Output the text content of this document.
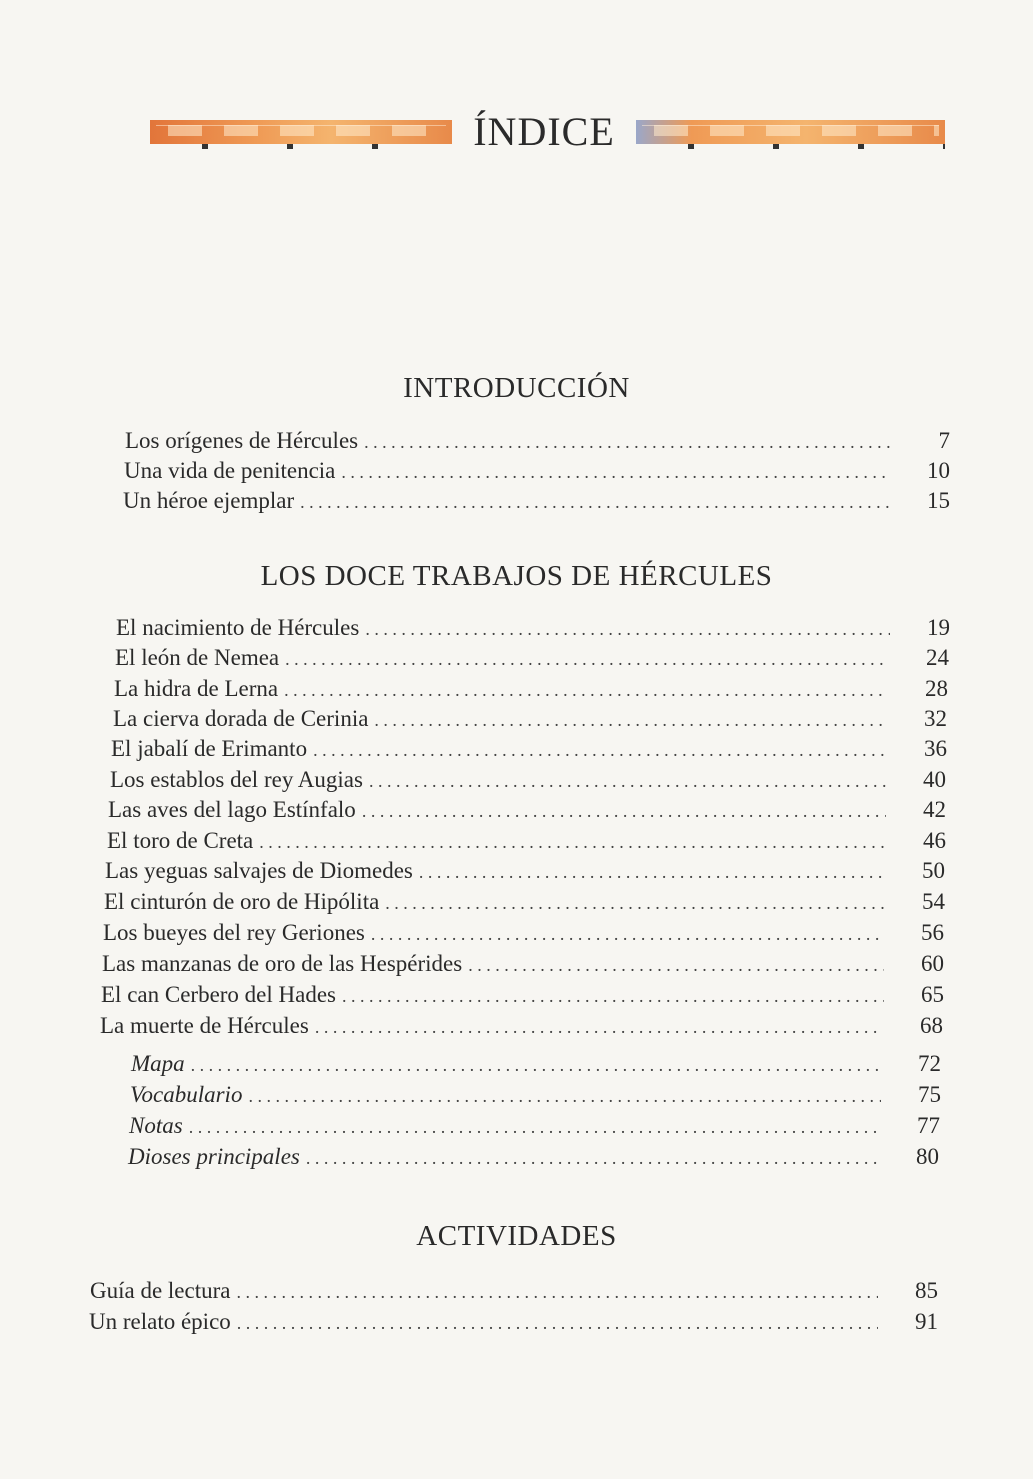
ÍNDICE
INTRODUCCIÓN
Los orígenes de Hércules . . .	7
Una vida de penitencia . . .	10
Un héroe ejemplar . . .	15
LOS DOCE TRABAJOS DE HÉRCULES
El nacimiento de Hércules . . .	19
El león de Nemea . . .	24
La hidra de Lerna . . .	28
La cierva dorada de Cerinia . . .	32
El jabalí de Erimanto . . .	36
Los establos del rey Augias . . .	40
Las aves del lago Estínfalo . . .	42
El toro de Creta . . .	46
Las yeguas salvajes de Diomedes . . .	50
El cinturón de oro de Hipólita . . .	54
Los bueyes del rey Geriones . . .	56
Las manzanas de oro de las Hespérides . . .	60
El can Cerbero del Hades . . .	65
La muerte de Hércules . . .	68
Mapa . . .	72
Vocabulario . . .	75
Notas . . .	77
Dioses principales . . .	80
ACTIVIDADES
Guía de lectura . . .	85
Un relato épico . . .	91
